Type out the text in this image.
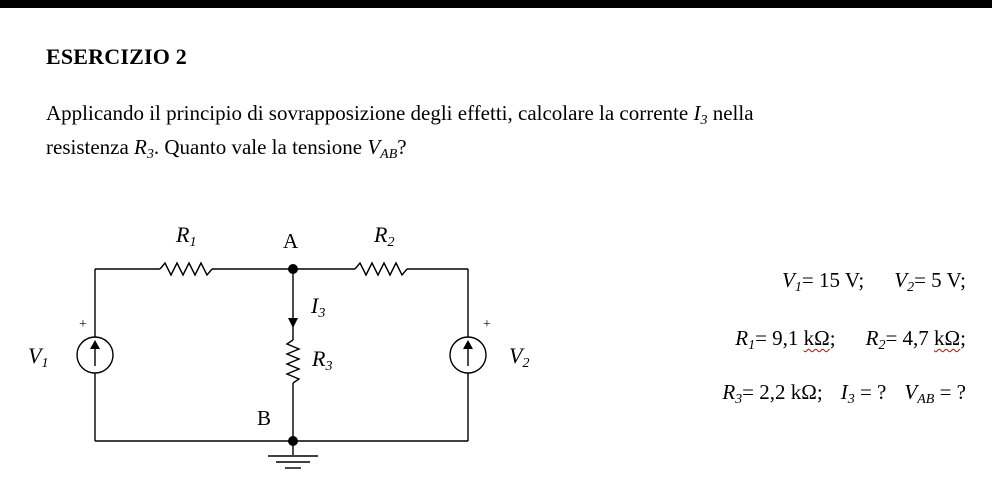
ESERCIZIO 2
Applicando il principio di sovrapposizione degli effetti, calcolare la corrente $I_3$ nella
resistenza $R_3$. Quanto vale la tensione $V_{AB}$?
R1	A	R2
I3
R3
B
V1	V2
+	+
$V_1= 15$ V; $V_2= 5$ V;
$R_1= 9,1$ kΩ; $R_2= 4,7$ kΩ;
$R_3= 2,2$ kΩ; $I_3$ = ? $V_{AB}$ = ?
